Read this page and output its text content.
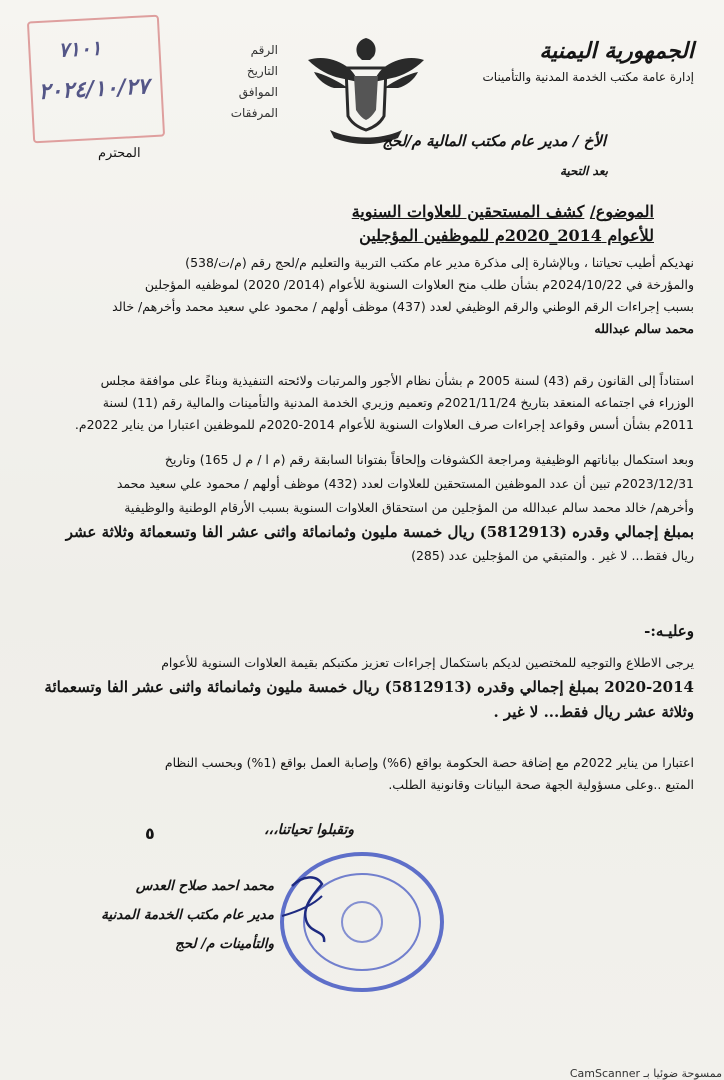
٧١٠١
٢٠٢٤/١٠/٢٧
الرقم
التاريخ
الموافق
المرفقات
المحترم
الجمهورية اليمنية
إدارة عامة مكتب الخدمة المدنية والتأمينات
الأخ / مدير عام مكتب المالية م/لحج
بعد التحية
الموضوع/ كشف المستحقين للعلاوات السنوية
للأعوام 2014_2020م للموظفين المؤجلين
نهديكم أطيب تحياتنا ، وبالإشارة إلى مذكرة مدير عام مكتب التربية والتعليم م/لحج رقم (م/ت/538)
والمؤرخة في 2024/10/22م بشأن طلب منح العلاوات السنوية للأعوام (2014/ 2020) لموظفيه المؤجلين
بسبب إجراءات الرقم الوطني والرقم الوظيفي لعدد (437) موظف أولهم / محمود علي سعيد محمد وأخرهم/ خالد
محمد سالم عبدالله
استناداً إلى القانون رقم (43) لسنة 2005 م بشأن نظام الأجور والمرتبات ولائحته التنفيذية وبناءً على موافقة مجلس
الوزراء في اجتماعه المنعقد بتاريخ 2021/11/24م وتعميم وزيري الخدمة المدنية والتأمينات والمالية رقم (11) لسنة
2011م بشأن أسس وقواعد إجراءات صرف العلاوات السنوية للأعوام 2014-2020م للموظفين اعتبارا من يناير 2022م.
وبعد استكمال بياناتهم الوظيفية ومراجعة الكشوفات وإلحاقاً بفتوانا السابقة رقم (م ا / م ل 165) وتاريخ
2023/12/31م تبين أن عدد الموظفين المستحقين للعلاوات لعدد (432) موظف أولهم / محمود علي سعيد محمد
وأخرهم/ خالد محمد سالم عبدالله من المؤجلين من استحقاق العلاوات السنوية بسبب الأرقام الوطنية والوظيفية
بمبلغ إجمالي وقدره (5812913) ريال خمسة مليون وثمانمائة واثنى عشر الفا وتسعمائة وثلاثة عشر
ريال فقط... لا غير . والمتبقي من المؤجلين عدد (285)
وعليـه:-
يرجى الاطلاع والتوجيه للمختصين لديكم باستكمال إجراءات تعزيز مكتبكم بقيمة العلاوات السنوية للأعوام
2020-2014 بمبلغ إجمالي وقدره (5812913) ريال خمسة مليون وثمانمائة واثنى عشر الفا وتسعمائة
وثلاثة عشر ريال فقط... لا غير .
اعتبارا من يناير 2022م مع إضافة حصة الحكومة بواقع (6%) وإصابة العمل بواقع (1%) وبحسب النظام
المتبع ..وعلى مسؤولية الجهة صحة البيانات وقانونية الطلب.
وتقبلوا تحياتنا،،،
٥
محمد احمد صلاح العدس
مدير عام مكتب الخدمة المدنية
والتأمينات م/ لحج
CamScanner ممسوحة ضوئيا بـ
